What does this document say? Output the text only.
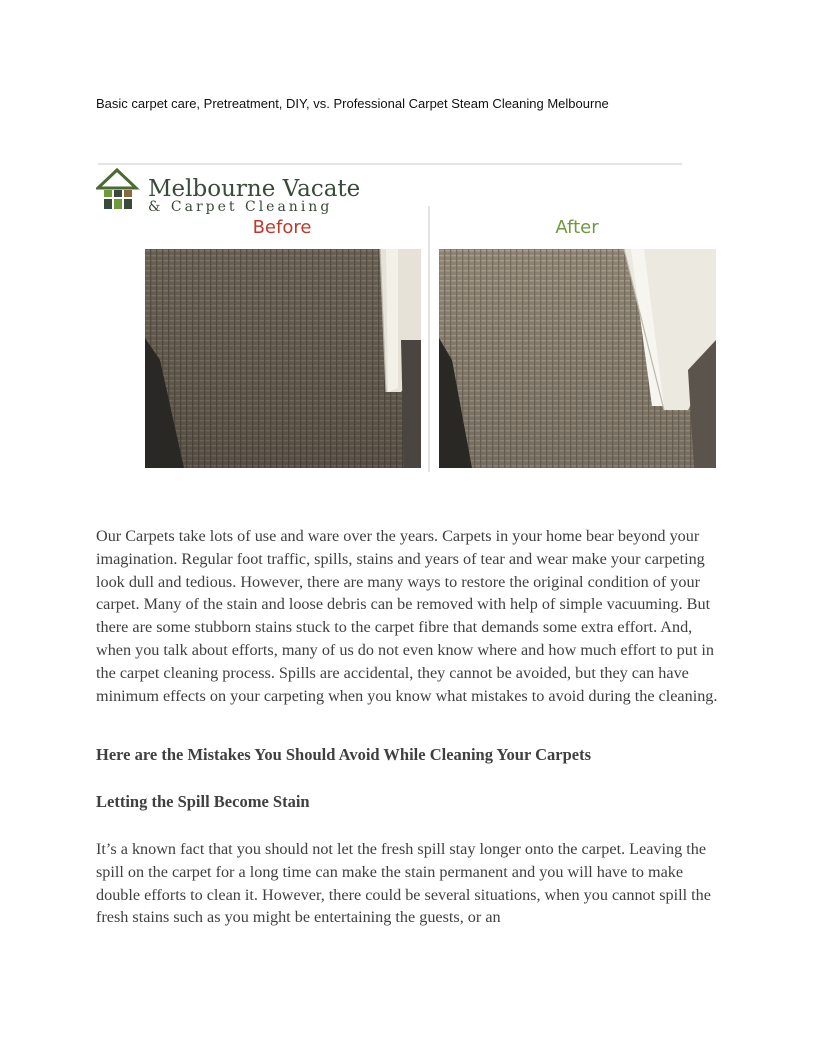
Basic carpet care, Pretreatment, DIY, vs. Professional Carpet Steam Cleaning Melbourne
Melbourne Vacate
& Carpet Cleaning
Before	After

Our Carpets take lots of use and ware over the years. Carpets in your home bear beyond your imagination. Regular foot traffic, spills, stains and years of tear and wear make your carpeting look dull and tedious. However, there are many ways to restore the original condition of your carpet. Many of the stain and loose debris can be removed with help of simple vacuuming. But there are some stubborn stains stuck to the carpet fibre that demands some extra effort. And, when you talk about efforts, many of us do not even know where and how much effort to put in the carpet cleaning process. Spills are accidental, they cannot be avoided, but they can have minimum effects on your carpeting when you know what mistakes to avoid during the cleaning.

Here are the Mistakes You Should Avoid While Cleaning Your Carpets
Letting the Spill Become Stain

It’s a known fact that you should not let the fresh spill stay longer onto the carpet. Leaving the spill on the carpet for a long time can make the stain permanent and you will have to make double efforts to clean it. However, there could be several situations, when you cannot spill the fresh stains such as you might be entertaining the guests, or an
